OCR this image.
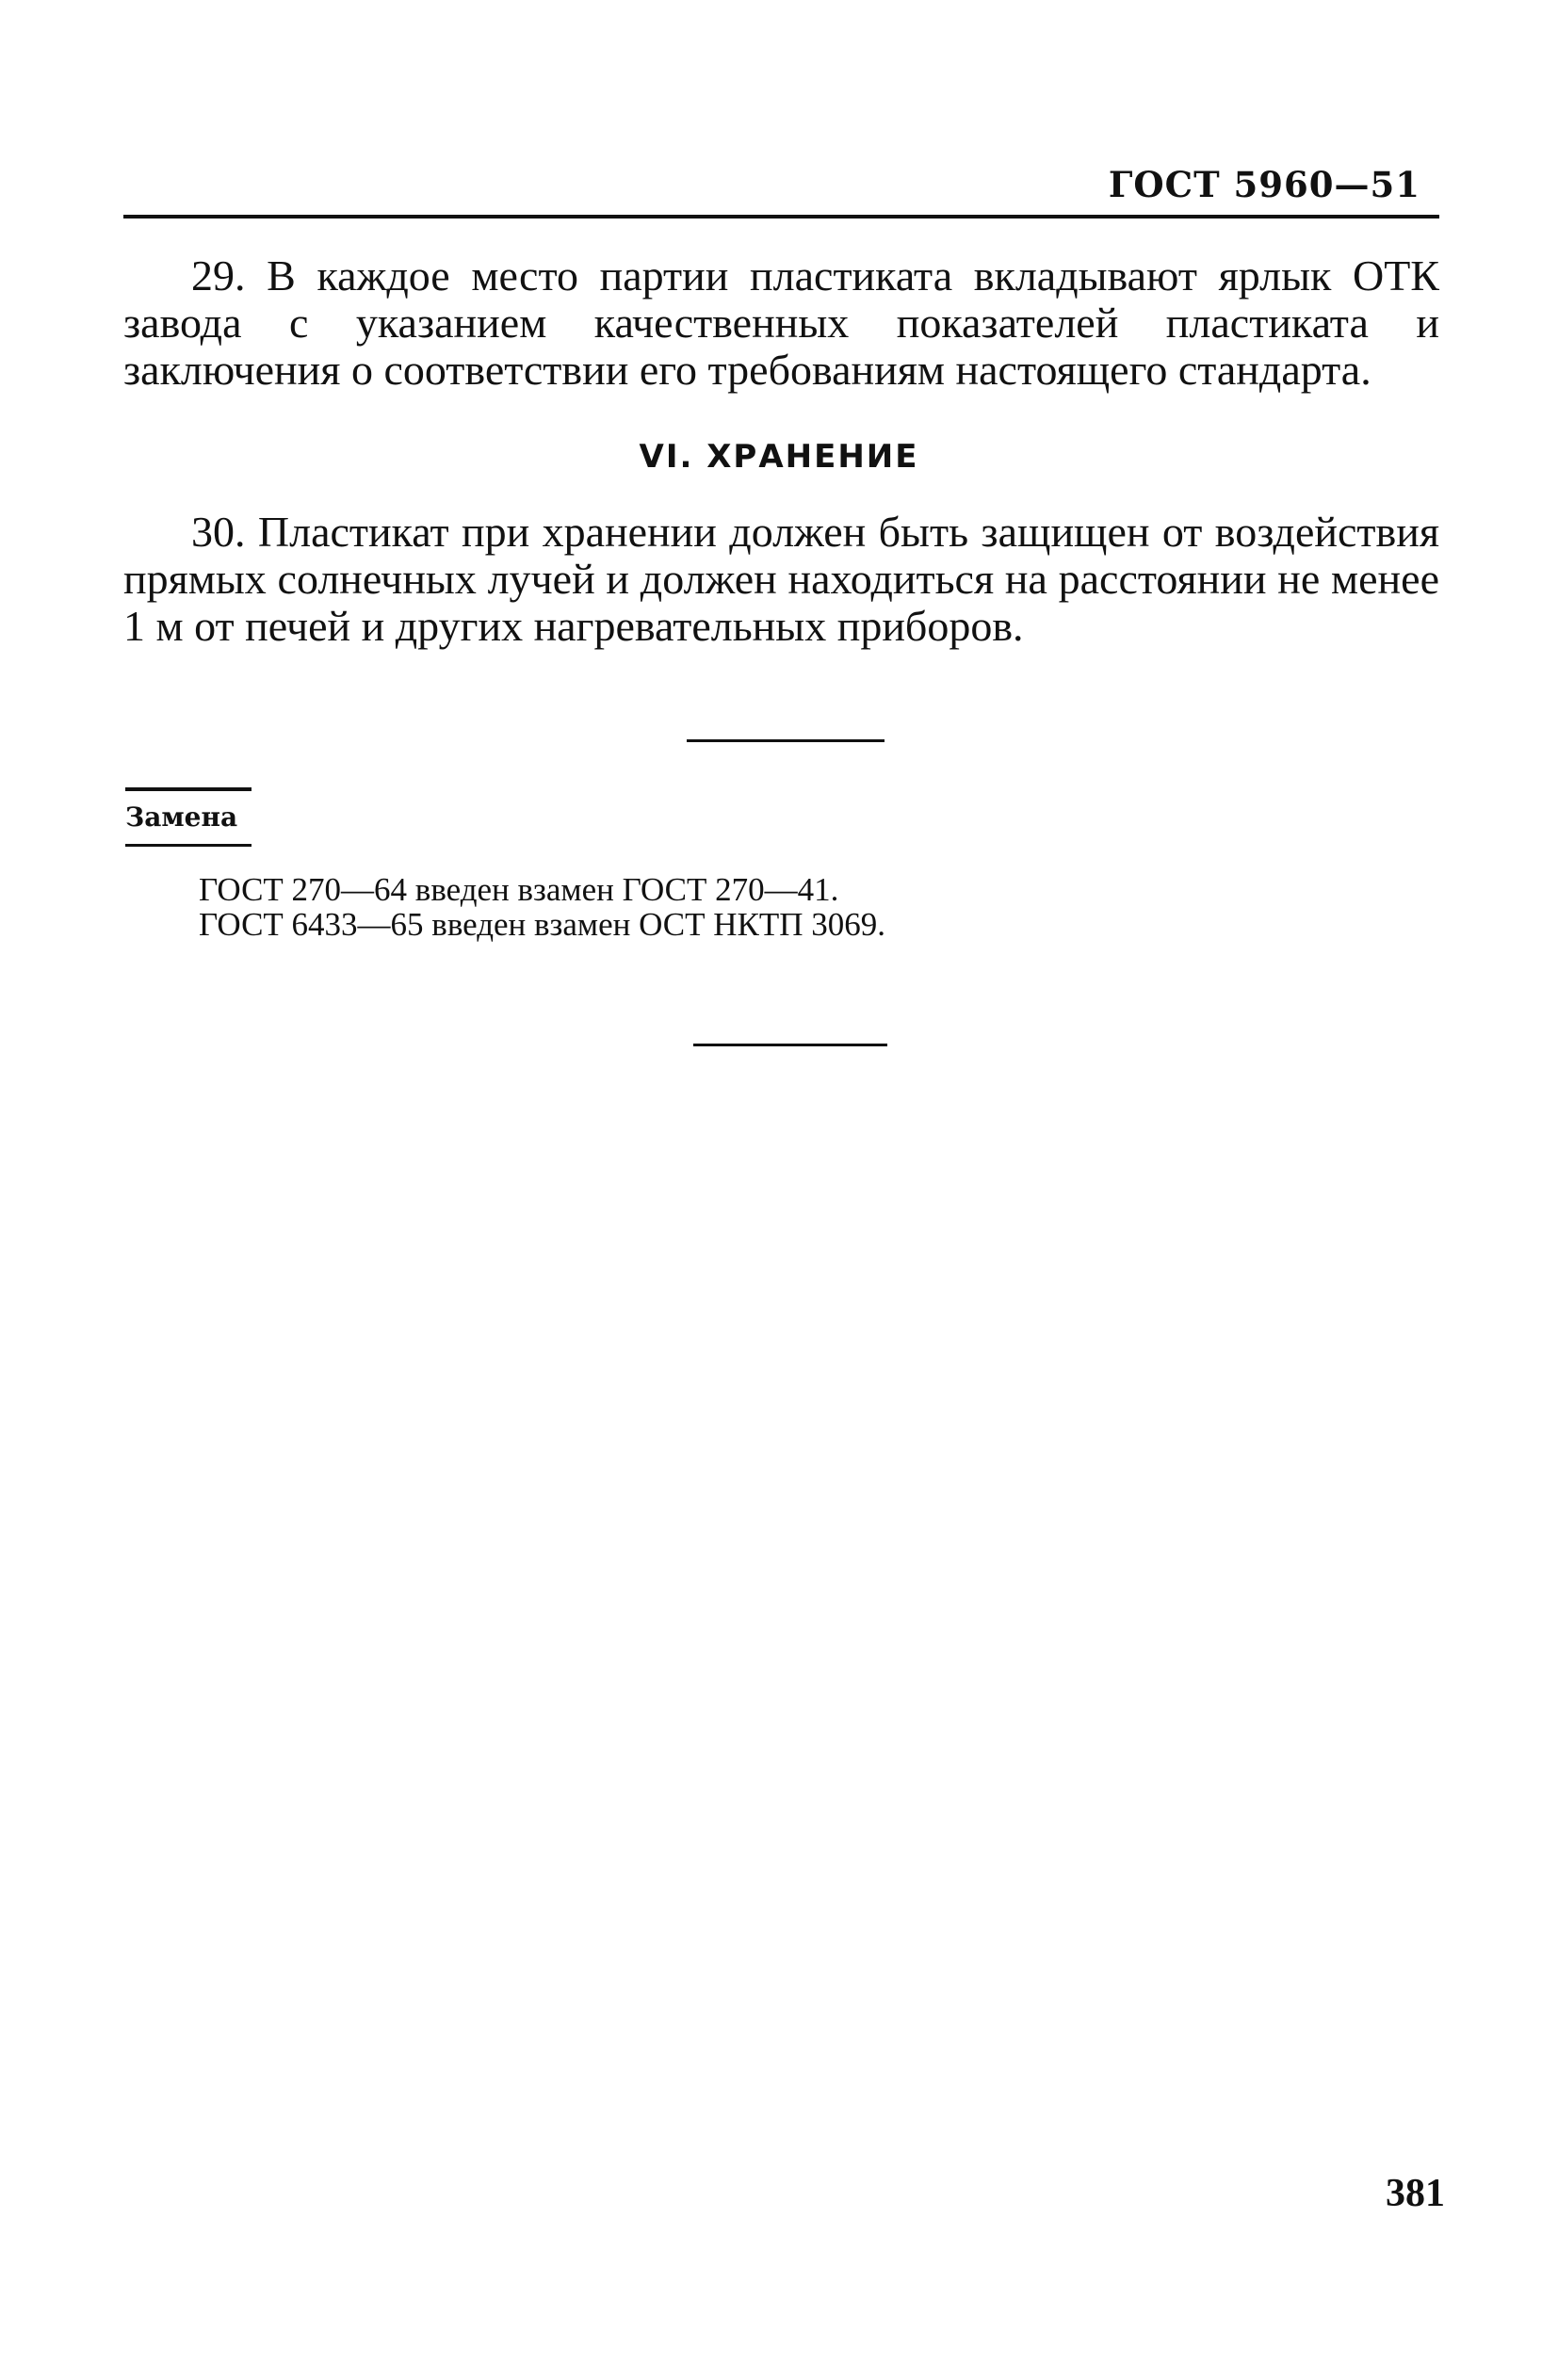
ГОСТ 5960—51

29. В каждое место партии пластиката вкладывают ярлык ОТК завода с указанием качественных показателей пластиката и заключения о соответствии его требованиям настоящего стандарта.

VI. ХРАНЕНИЕ

30. Пластикат при хранении должен быть защищен от воздействия прямых солнечных лучей и должен находиться на расстоянии не менее 1 м от печей и других нагревательных приборов.

Замена
ГОСТ 270—64 введен взамен ГОСТ 270—41.
ГОСТ 6433—65 введен взамен ОСТ НКТП 3069.
381
